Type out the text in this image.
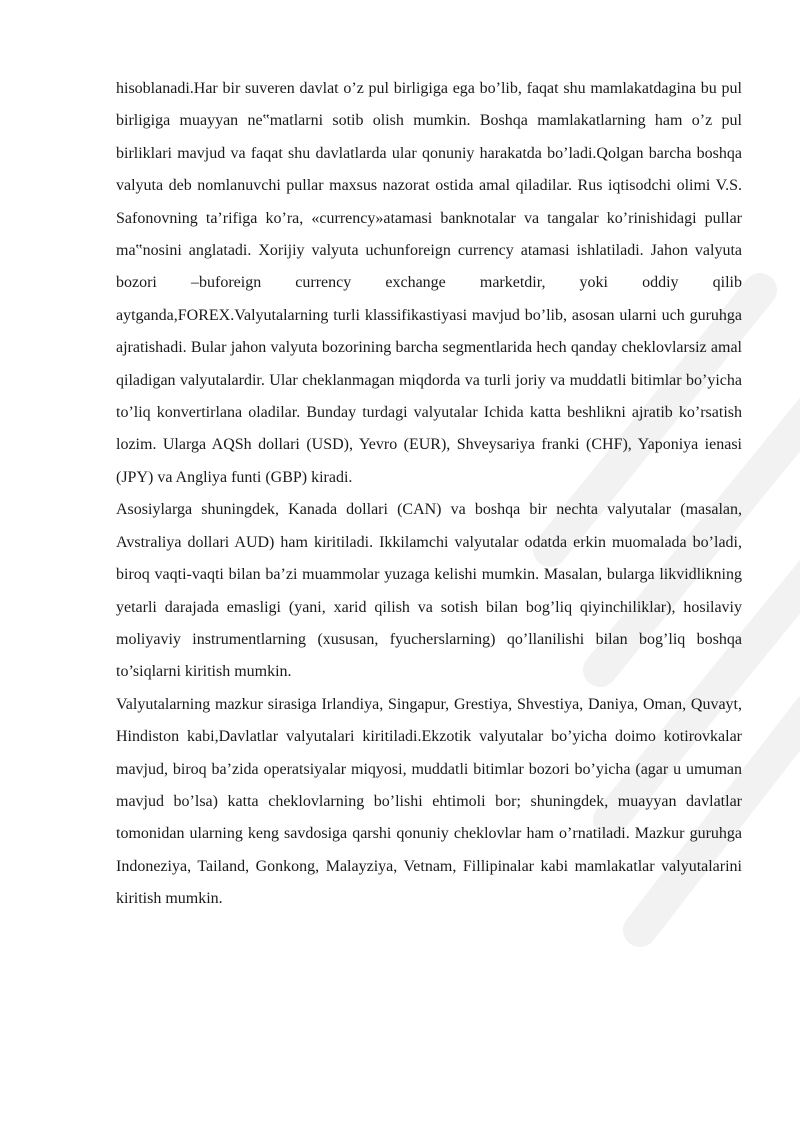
hisoblanadi.Har bir suveren davlat o’z pul birligiga ega bo’lib, faqat shu mamlakatdagina bu pul birligiga muayyan ne‟matlarni sotib olish mumkin. Boshqa mamlakatlarning ham o’z pul birliklari mavjud va faqat shu davlatlarda ular qonuniy harakatda bo’ladi.Qolgan barcha boshqa valyuta deb nomlanuvchi pullar maxsus nazorat ostida amal qiladilar. Rus iqtisodchi olimi V.S. Safonovning ta’rifiga ko’ra, «currency»atamasi banknotalar va tangalar ko’rinishidagi pullar ma‟nosini anglatadi. Xorijiy valyuta uchunforeign currency atamasi ishlatiladi. Jahon valyuta bozori –buforeign currency exchange marketdir, yoki oddiy qilib aytganda,FOREX.Valyutalarning turli klassifikastiyasi mavjud bo’lib, asosan ularni uch guruhga ajratishadi. Bular jahon valyuta bozorining barcha segmentlarida hech qanday cheklovlarsiz amal qiladigan valyutalardir. Ular cheklanmagan miqdorda va turli joriy va muddatli bitimlar bo’yicha to’liq konvertirlana oladilar. Bunday turdagi valyutalar Ichida katta beshlikni ajratib ko’rsatish lozim. Ularga AQSh dollari (USD), Yevro (EUR), Shveysariya franki (CHF), Yaponiya ienasi (JPY) va Angliya funti (GBP) kiradi.

Asosiylarga shuningdek, Kanada dollari (CAN) va boshqa bir nechta valyutalar (masalan, Avstraliya dollari AUD) ham kiritiladi. Ikkilamchi valyutalar odatda erkin muomalada bo’ladi, biroq vaqti-vaqti bilan ba’zi muammolar yuzaga kelishi mumkin. Masalan, bularga likvidlikning yetarli darajada emasligi (yani, xarid qilish va sotish bilan bog’liq qiyinchiliklar), hosilaviy moliyaviy instrumentlarning (xususan, fyucherslarning) qo’llanilishi bilan bog’liq boshqa to’siqlarni kiritish mumkin.

Valyutalarning mazkur sirasiga Irlandiya, Singapur, Grestiya, Shvestiya, Daniya, Oman, Quvayt, Hindiston kabi,Davlatlar valyutalari kiritiladi.Ekzotik valyutalar bo’yicha doimo kotirovkalar mavjud, biroq ba’zida operatsiyalar miqyosi, muddatli bitimlar bozori bo’yicha (agar u umuman mavjud bo’lsa) katta cheklovlarning bo’lishi ehtimoli bor; shuningdek, muayyan davlatlar tomonidan ularning keng savdosiga qarshi qonuniy cheklovlar ham o’rnatiladi. Mazkur guruhga Indoneziya, Tailand, Gonkong, Malayziya, Vetnam, Fillipinalar kabi mamlakatlar valyutalarini kiritish mumkin.
